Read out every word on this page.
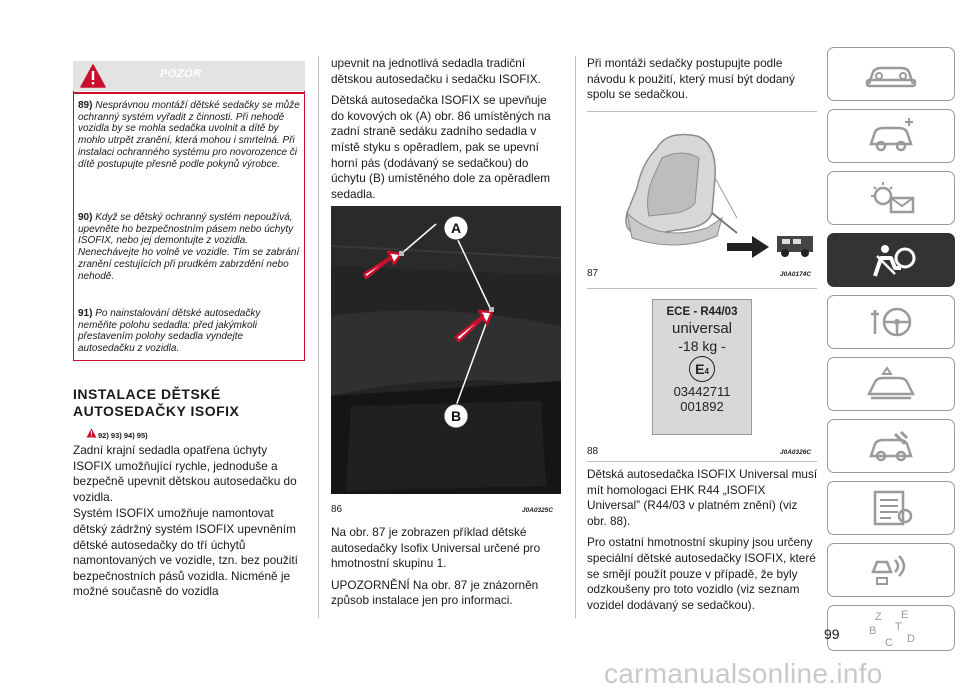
POZOR
89) Nesprávnou montáží dětské sedačky se může ochranný systém vyřadit z činnosti. Při nehodě vozidla by se mohla sedačka uvolnit a dítě by mohlo utrpět zranění, která mohou i smrtelná. Při instalaci ochranného systému pro novorozence či dítě postupujte přesně podle pokynů výrobce.
90) Když se dětský ochranný systém nepoužívá, upevněte ho bezpečnostním pásem nebo úchyty ISOFIX, nebo jej demontujte z vozidla. Nenechávejte ho volně ve vozidle. Tím se zabrání zranění cestujících při prudkém zabrzdění nebo nehodě.
91) Po nainstalování dětské autosedačky neměňte polohu sedadla: před jakýmkoli přestavením polohy sedadla vyndejte autosedačku z vozidla.
INSTALACE DĚTSKÉ AUTOSEDAČKY ISOFIX
92) 93) 94) 95)

Zadní krajní sedadla opatřena úchyty ISOFIX umožňující rychle, jednoduše a bezpečně upevnit dětskou autosedačku do vozidla.

Systém ISOFIX umožňuje namontovat dětský zádržný systém ISOFIX upevněním dětské autosedačky do tří úchytů namontovaných ve vozidle, tzn. bez použití bezpečnostních pásů vozidla. Nicméně je možné současně do vozidla

upevnit na jednotlivá sedadla tradiční dětskou autosedačku i sedačku ISOFIX.

Dětská autosedačka ISOFIX se upevňuje do kovových ok (A) obr. 86 umístěných na zadní straně sedáku zadního sedadla v místě styku s opěradlem, pak se upevní horní pás (dodávaný se sedačkou) do úchytu (B) umístěného dole za opěradlem sedadla.

A
B
86	J0A0325C

Na obr. 87 je zobrazen příklad dětské autosedačky Isofix Universal určené pro hmotnostní skupinu 1.

UPOZORNĚNÍ Na obr. 87 je znázorněn způsob instalace jen pro informaci.

Při montáži sedačky postupujte podle návodu k použití, který musí být dodaný spolu se sedačkou.

87	J0A0174C
ECE - R44/03
universal
-18 kg -
E4
03442711
001892
88	J0A0326C

Dětská autosedačka ISOFIX Universal musí mít homologaci EHK R44 „ISOFIX Universal” (R44/03 v platném znění) (viz obr. 88).

Pro ostatní hmotnostní skupiny jsou určeny speciální dětské autosedačky ISOFIX, které se smějí použít pouze v případě, že byly odzkoušeny pro toto vozidlo (viz seznam vozidel dodávaný se sedačkou).

Z E
B
C
T
D
99
carmanualsonline.info
